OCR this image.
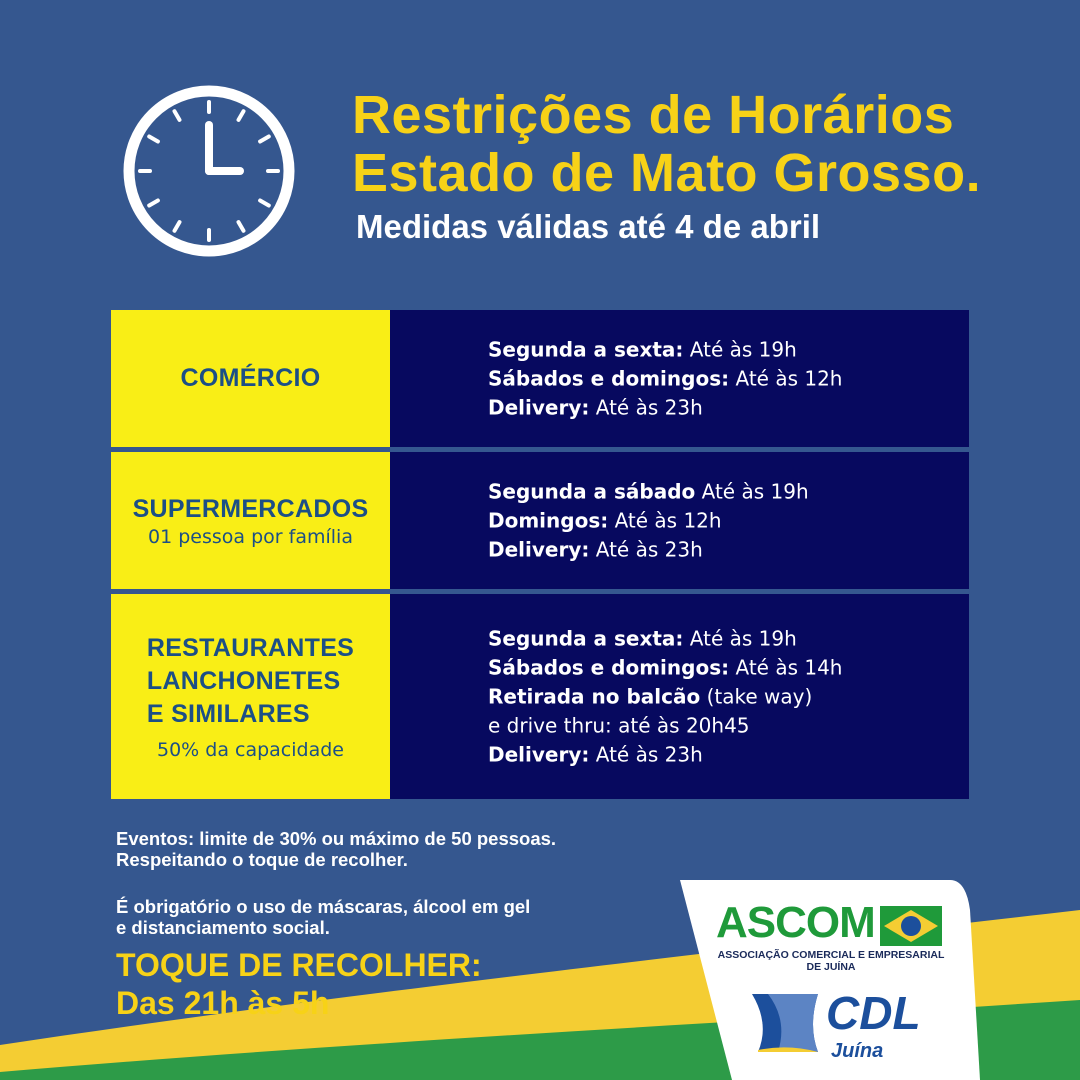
Restrições de Horários
Estado de Mato Grosso.
Medidas válidas até 4 de abril
COMÉRCIO
Segunda a sexta: Até às 19h
Sábados e domingos: Até às 12h
Delivery: Até às 23h
SUPERMERCADOS
01 pessoa por família
Segunda a sábado Até às 19h
Domingos: Até às 12h
Delivery: Até às 23h
RESTAURANTES
LANCHONETES
E SIMILARES
50% da capacidade
Segunda a sexta: Até às 19h
Sábados e domingos: Até às 14h
Retirada no balcão (take way)
e drive thru: até às 20h45
Delivery: Até às 23h
Eventos: limite de 30% ou máximo de 50 pessoas.
Respeitando o toque de recolher.
É obrigatório o uso de máscaras, álcool em gel
e distanciamento social.
TOQUE DE RECOLHER:
Das 21h às 5h
ASCOM
ASSOCIAÇÃO COMERCIAL E EMPRESARIAL
DE JUÍNA
CDL
Juína
